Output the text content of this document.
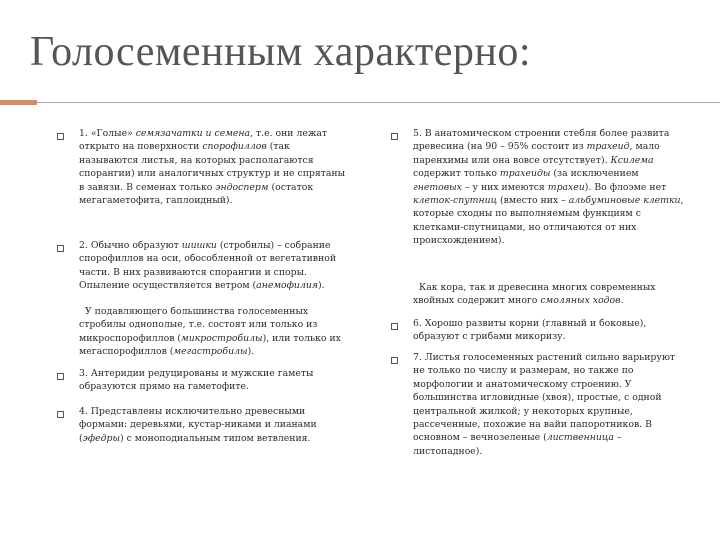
Голосеменным характерно:
1. «Голые» семязачатки и семена, т.е. они лежат открыто на поверхности спорофиллов (так называются листья, на которых располагаются спорангии) или аналогичных структур и не спрятаны в завязи. В семенах только эндосперм (остаток мегагаметофита, гаплоидный).
2. Обычно образуют шишки (стробилы) – собрание спорофиллов на оси, обособленной от вегетативной части. В них развиваются спорангии и споры. Опыление осуществляется ветром (анемофилия).
У подавляющего большинства голосеменных стробилы однополые, т.е. состоят или только из микроспорофиллов (микростробилы), или только их мегаспорофиллов (мегастробилы).
3. Антеридии редуцированы и мужские гаметы образуются прямо на гаметофите.
4. Представлены исключительно древесными формами: деревьями, кустар-никами и лианами (эфедры) с моноподиальным типом ветвления.
5. В анатомическом строении стебля более развита древесина (на 90 – 95% состоит из трахеид, мало паренхимы или она вовсе отсутствует). Ксилема содержит только трахеиды (за исключением гнетовых – у них имеются трахеи). Во флоэме нет клеток-спутниц (вместо них – альбуминовые клетки, которые сходны по выполняемым функциям с клетками-спутницами, но отличаются от них происхождением).
Как кора, так и древесина многих современных хвойных содержит много смоляных ходов.
6. Хорошо развиты корни (главный и боковые), образуют с грибами микоризу.
7. Листья голосеменных растений сильно варьируют не только по числу и размерам, но также по морфологии и анатомическому строению. У большинства игловидные (хвоя), простые, с одной центральной жилкой; у некоторых крупные, рассеченные, похожие на вайи папоротников. В основном – вечнозеленые (лиственница – листопадное).
